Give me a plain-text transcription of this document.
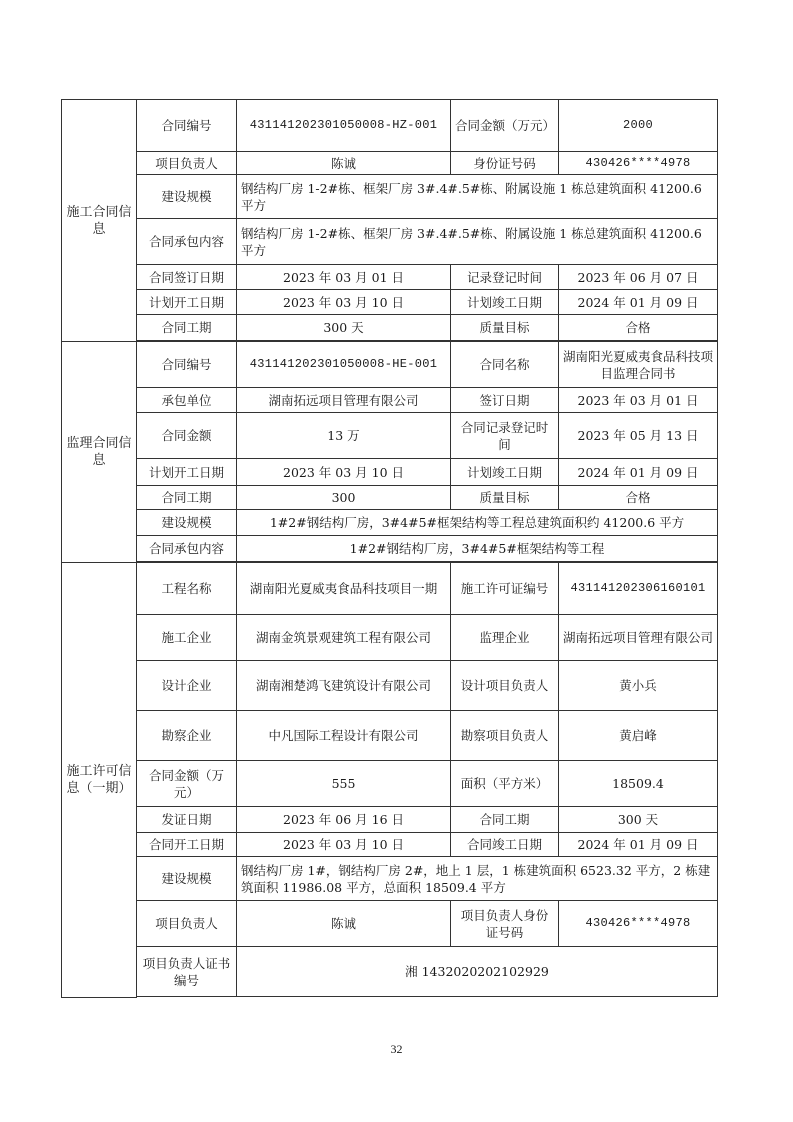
施工合同信息	合同编号	431141202301050008-HZ-001	合同金额（万元）	2000
	项目负责人	陈诚	身份证号码	430426****4978
	建设规模	钢结构厂房 1-2#栋、框架厂房 3#.4#.5#栋、附属设施 1 栋总建筑面积 41200.6 平方		
	合同承包内容	钢结构厂房 1-2#栋、框架厂房 3#.4#.5#栋、附属设施 1 栋总建筑面积 41200.6 平方		
	合同签订日期	2023 年 03 月 01 日	记录登记时间	2023 年 06 月 07 日
	计划开工日期	2023 年 03 月 10 日	计划竣工日期	2024 年 01 月 09 日
	合同工期	300 天	质量目标	合格

监理合同信息	合同编号	431141202301050008-HE-001	合同名称	湖南阳光夏威夷食品科技项目监理合同书
	承包单位	湖南拓远项目管理有限公司	签订日期	2023 年 03 月 01 日
	合同金额	13 万	合同记录登记时间	2023 年 05 月 13 日
	计划开工日期	2023 年 03 月 10 日	计划竣工日期	2024 年 01 月 09 日
	合同工期	300	质量目标	合格
	建设规模	1#2#钢结构厂房，3#4#5#框架结构等工程总建筑面积约 41200.6 平方		
	合同承包内容	1#2#钢结构厂房，3#4#5#框架结构等工程		

施工许可信息（一期）	工程名称	湖南阳光夏威夷食品科技项目一期	施工许可证编号	431141202306160101
	施工企业	湖南金筑景观建筑工程有限公司	监理企业	湖南拓远项目管理有限公司
	设计企业	湖南湘楚鸿飞建筑设计有限公司	设计项目负责人	黄小兵
	勘察企业	中凡国际工程设计有限公司	勘察项目负责人	黄启峰
	合同金额（万元）	555	面积（平方米）	18509.4
	发证日期	2023 年 06 月 16 日	合同工期	300 天
	合同开工日期	2023 年 03 月 10 日	合同竣工日期	2024 年 01 月 09 日
	建设规模	钢结构厂房 1#，钢结构厂房 2#，地上 1 层，1 栋建筑面积 6523.32 平方，2 栋建筑面积 11986.08 平方，总面积 18509.4 平方		
	项目负责人	陈诚	项目负责人身份证号码	430426****4978
	项目负责人证书编号	湘 143202020210292​9		

32
